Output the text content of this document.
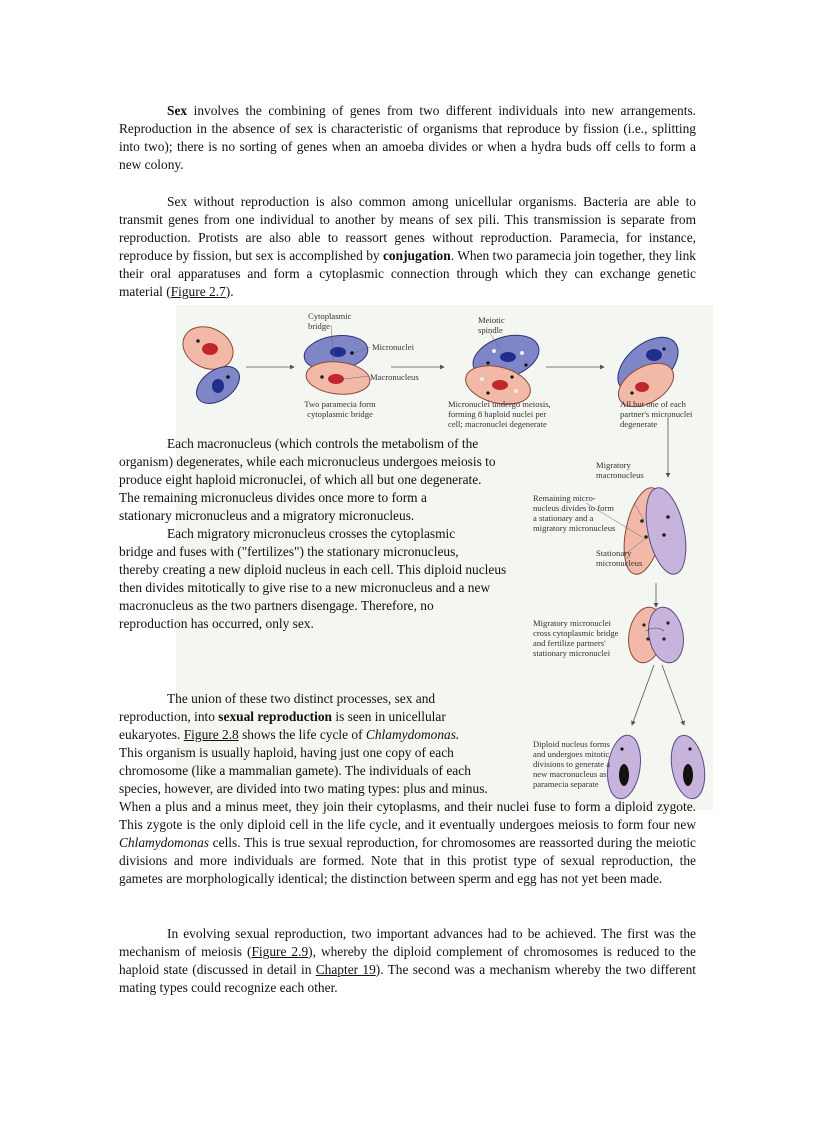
Sex involves the combining of genes from two different individuals into new arrangements. Reproduction in the absence of sex is characteristic of organisms that reproduce by fission (i.e., splitting into two); there is no sorting of genes when an amoeba divides or when a hydra buds off cells to form a new colony.

Sex without reproduction is also common among unicellular organisms. Bacteria are able to transmit genes from one individual to another by means of sex pili. This transmission is separate from reproduction. Protists are also able to reassort genes without reproduction. Paramecia, for instance, reproduce by fission, but sex is accomplished by conjugation. When two paramecia join together, they link their oral apparatuses and form a cytoplasmic connection through which they can exchange genetic material (Figure 2.7).

Cytoplasmic
bridge
Micronuclei
Macronucleus
Meiotic
spindle
Two paramecia form
cytoplasmic bridge
Micronuclei undergo meiosis,
forming 8 haploid nuclei per
cell; macronuclei degenerate
All but one of each
partner's micronuclei
degenerate
Migratory
macronucleus
Remaining micro-
nucleus divides to form
a stationary and a
migratory micronucleus
Stationary
micronucleus
Migratory micronuclei
cross cytoplasmic bridge
and fertilize partners'
stationary micronuclei
Diploid nucleus forms
and undergoes mitotic
divisions to generate a
new macronucleus as
paramecia separate
Each macronucleus (which controls the metabolism of the
organism) degenerates, while each micronucleus undergoes meiosis to
produce eight haploid micronuclei, of which all but one degenerate.
The remaining micronucleus divides once more to form a
stationary micronucleus and a migratory micronucleus.
Each migratory micronucleus crosses the cytoplasmic
bridge and fuses with ("fertilizes") the stationary micronucleus,
thereby creating a new diploid nucleus in each cell. This diploid nucleus
then divides mitotically to give rise to a new micronucleus and a new
macronucleus as the two partners disengage. Therefore, no
reproduction has occurred, only sex.
The union of these two distinct processes, sex and
reproduction, into sexual reproduction is seen in unicellular
eukaryotes. Figure 2.8 shows the life cycle of Chlamydomonas.
This organism is usually haploid, having just one copy of each
chromosome (like a mammalian gamete). The individuals of each
species, however, are divided into two mating types: plus and minus.

When a plus and a minus meet, they join their cytoplasms, and their nuclei fuse to form a diploid zygote. This zygote is the only diploid cell in the life cycle, and it eventually undergoes meiosis to form four new Chlamydomonas cells. This is true sexual reproduction, for chromosomes are reassorted during the meiotic divisions and more individuals are formed. Note that in this protist type of sexual reproduction, the gametes are morphologically identical; the distinction between sperm and egg has not yet been made.

In evolving sexual reproduction, two important advances had to be achieved. The first was the mechanism of meiosis (Figure 2.9), whereby the diploid complement of chromosomes is reduced to the haploid state (discussed in detail in Chapter 19). The second was a mechanism whereby the two different mating types could recognize each other.
